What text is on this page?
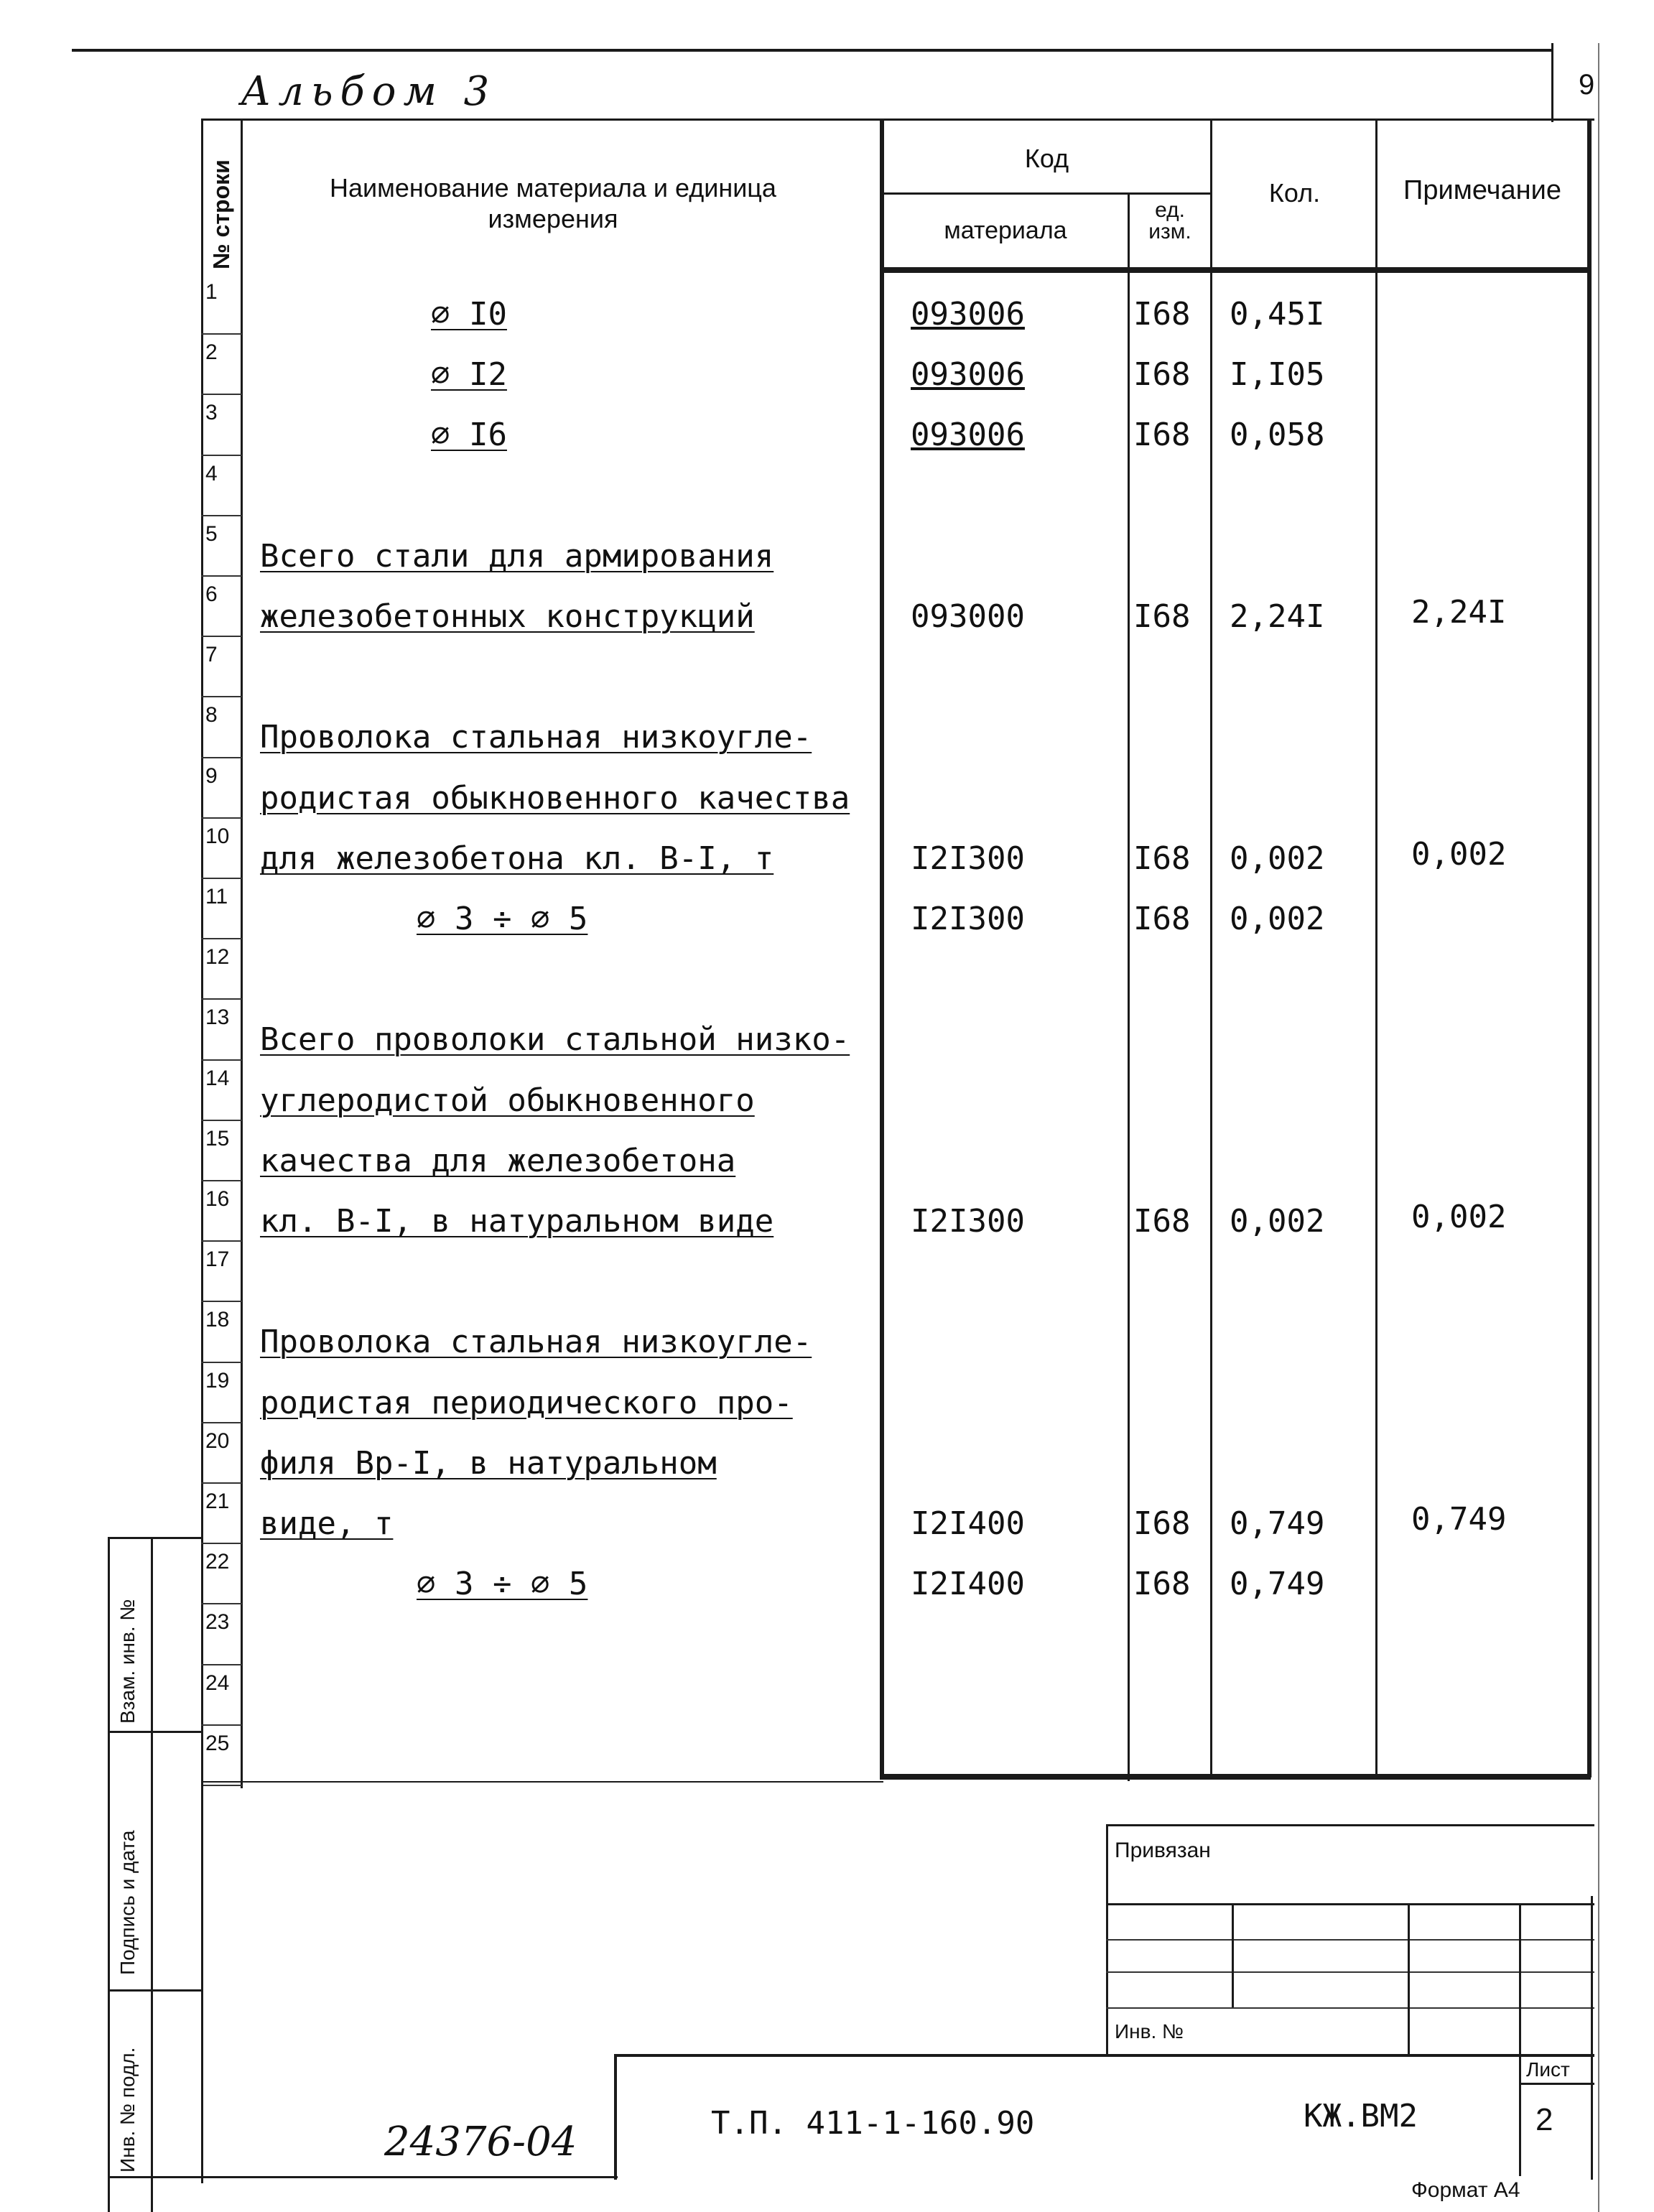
9
Альбом 3
№ строки	Наименование материала и единица измерения
Код
материала
ед. изм.
Кол.	Примечание
1
⌀ I0	093006	I68 0,45I
2
⌀ I2	093006	I68 I,I05
3
⌀ I6	093006	I68 0,058
4
5
Всего стали для армирования
6
железобетонных конструкций	093000	I68 2,24I	2,24I
7
8
Проволока стальная низкоугле-
9
родистая обыкновенного качества
10
для железобетона кл. В-I, т	I2I300	I68 0,002	0,002
11
⌀ 3 ÷ ⌀ 5	I2I300	I68 0,002
12
13
Всего проволоки стальной низко-
14
углеродистой обыкновенного
15
качества для железобетона
16
кл. В-I, в натуральном виде	I2I300	I68 0,002	0,002
17
18
Проволока стальная низкоугле-
19
родистая периодического про-
20
филя Вр-I, в натуральном
21
виде, т	I2I400	I68 0,749	0,749
22
⌀ 3 ÷ ⌀ 5	I2I400	I68 0,749
23
24
25
Взам. инв. №
Подпись и дата
Инв. № подл.
Привязан
Инв. №
Лист
2
Т.П. 411-1-160.90	КЖ.ВМ2
24376-04
Формат А4
